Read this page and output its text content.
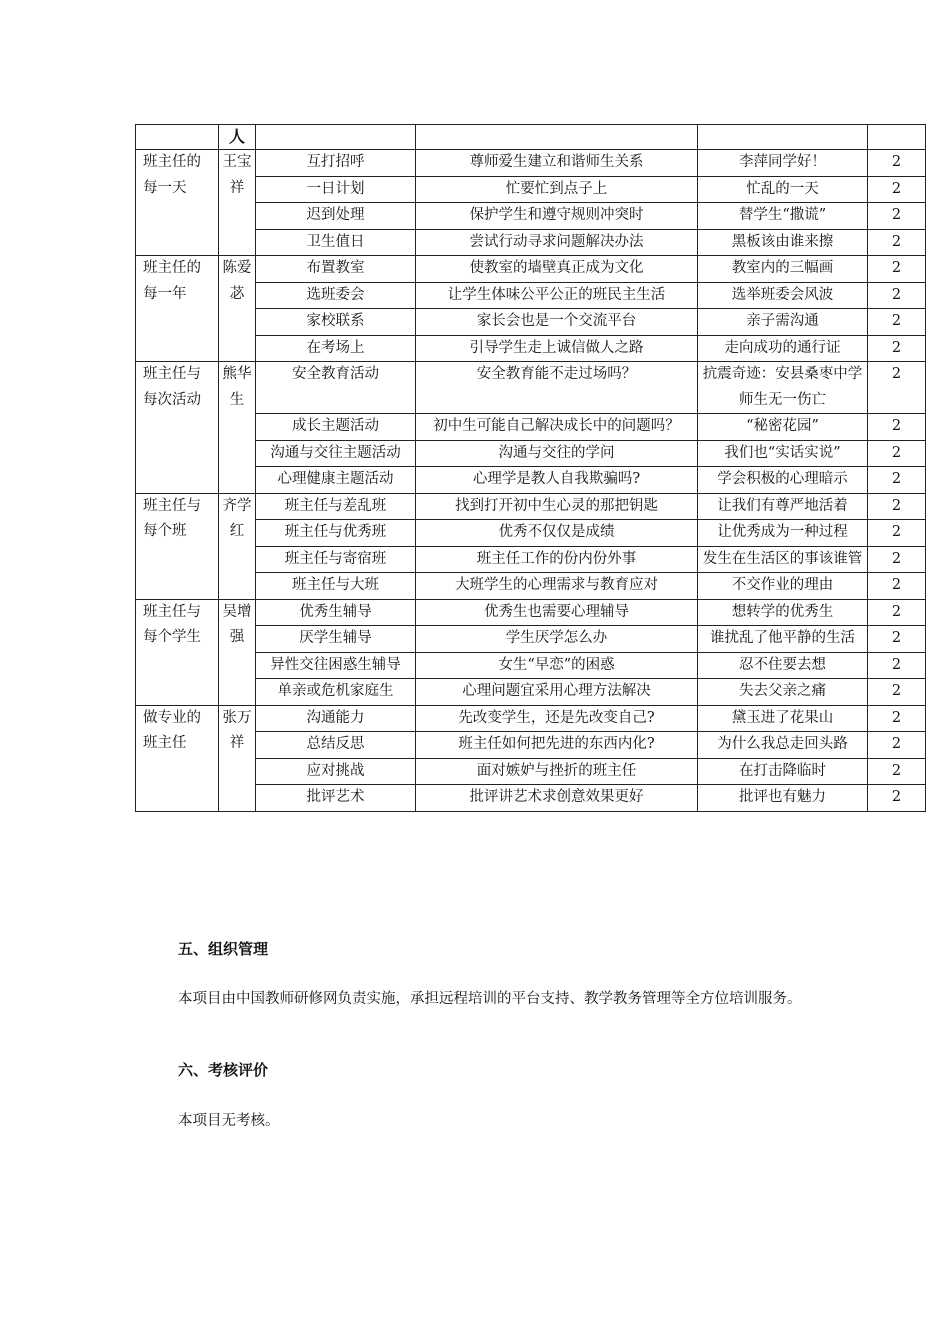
	人				
班主任的每一天	王宝祥	互打招呼	尊师爱生建立和谐师生关系	李萍同学好！	2
		一日计划	忙要忙到点子上	忙乱的一天	2
		迟到处理	保护学生和遵守规则冲突时	替学生“撒谎”	2
		卫生值日	尝试行动寻求问题解决办法	黑板该由谁来擦	2
班主任的每一年	陈爱苾	布置教室	使教室的墙壁真正成为文化	教室内的三幅画	2
		选班委会	让学生体味公平公正的班民主生活	选举班委会风波	2
		家校联系	家长会也是一个交流平台	亲子需沟通	2
		在考场上	引导学生走上诚信做人之路	走向成功的通行证	2
班主任与每次活动	熊华生	安全教育活动	安全教育能不走过场吗？	抗震奇迹：安县桑枣中学师生无一伤亡	2
		成长主题活动	初中生可能自己解决成长中的问题吗？	“秘密花园”	2
		沟通与交往主题活动	沟通与交往的学问	我们也“实话实说”	2
		心理健康主题活动	心理学是教人自我欺骗吗?	学会积极的心理暗示	2
班主任与每个班	齐学红	班主任与差乱班	找到打开初中生心灵的那把钥匙	让我们有尊严地活着	2
		班主任与优秀班	优秀不仅仅是成绩	让优秀成为一种过程	2
		班主任与寄宿班	班主任工作的份内份外事	发生在生活区的事该谁管	2
		班主任与大班	大班学生的心理需求与教育应对	不交作业的理由	2
班主任与每个学生	吴增强	优秀生辅导	优秀生也需要心理辅导	想转学的优秀生	2
		厌学生辅导	学生厌学怎么办	谁扰乱了他平静的生活	2
		异性交往困惑生辅导	女生“早恋”的困惑	忍不住要去想	2
		单亲或危机家庭生	心理问题宜采用心理方法解决	失去父亲之痛	2
做专业的班主任	张万祥	沟通能力	先改变学生，还是先改变自己?	黛玉进了花果山	2
		总结反思	班主任如何把先进的东西内化?	为什么我总走回头路	2
		应对挑战	面对嫉妒与挫折的班主任	在打击降临时	2
		批评艺术	批评讲艺术求创意效果更好	批评也有魅力	2
五、组织管理
本项目由中国教师研修网负责实施，承担远程培训的平台支持、教学教务管理等全方位培训服务。
六、考核评价
本项目无考核。
